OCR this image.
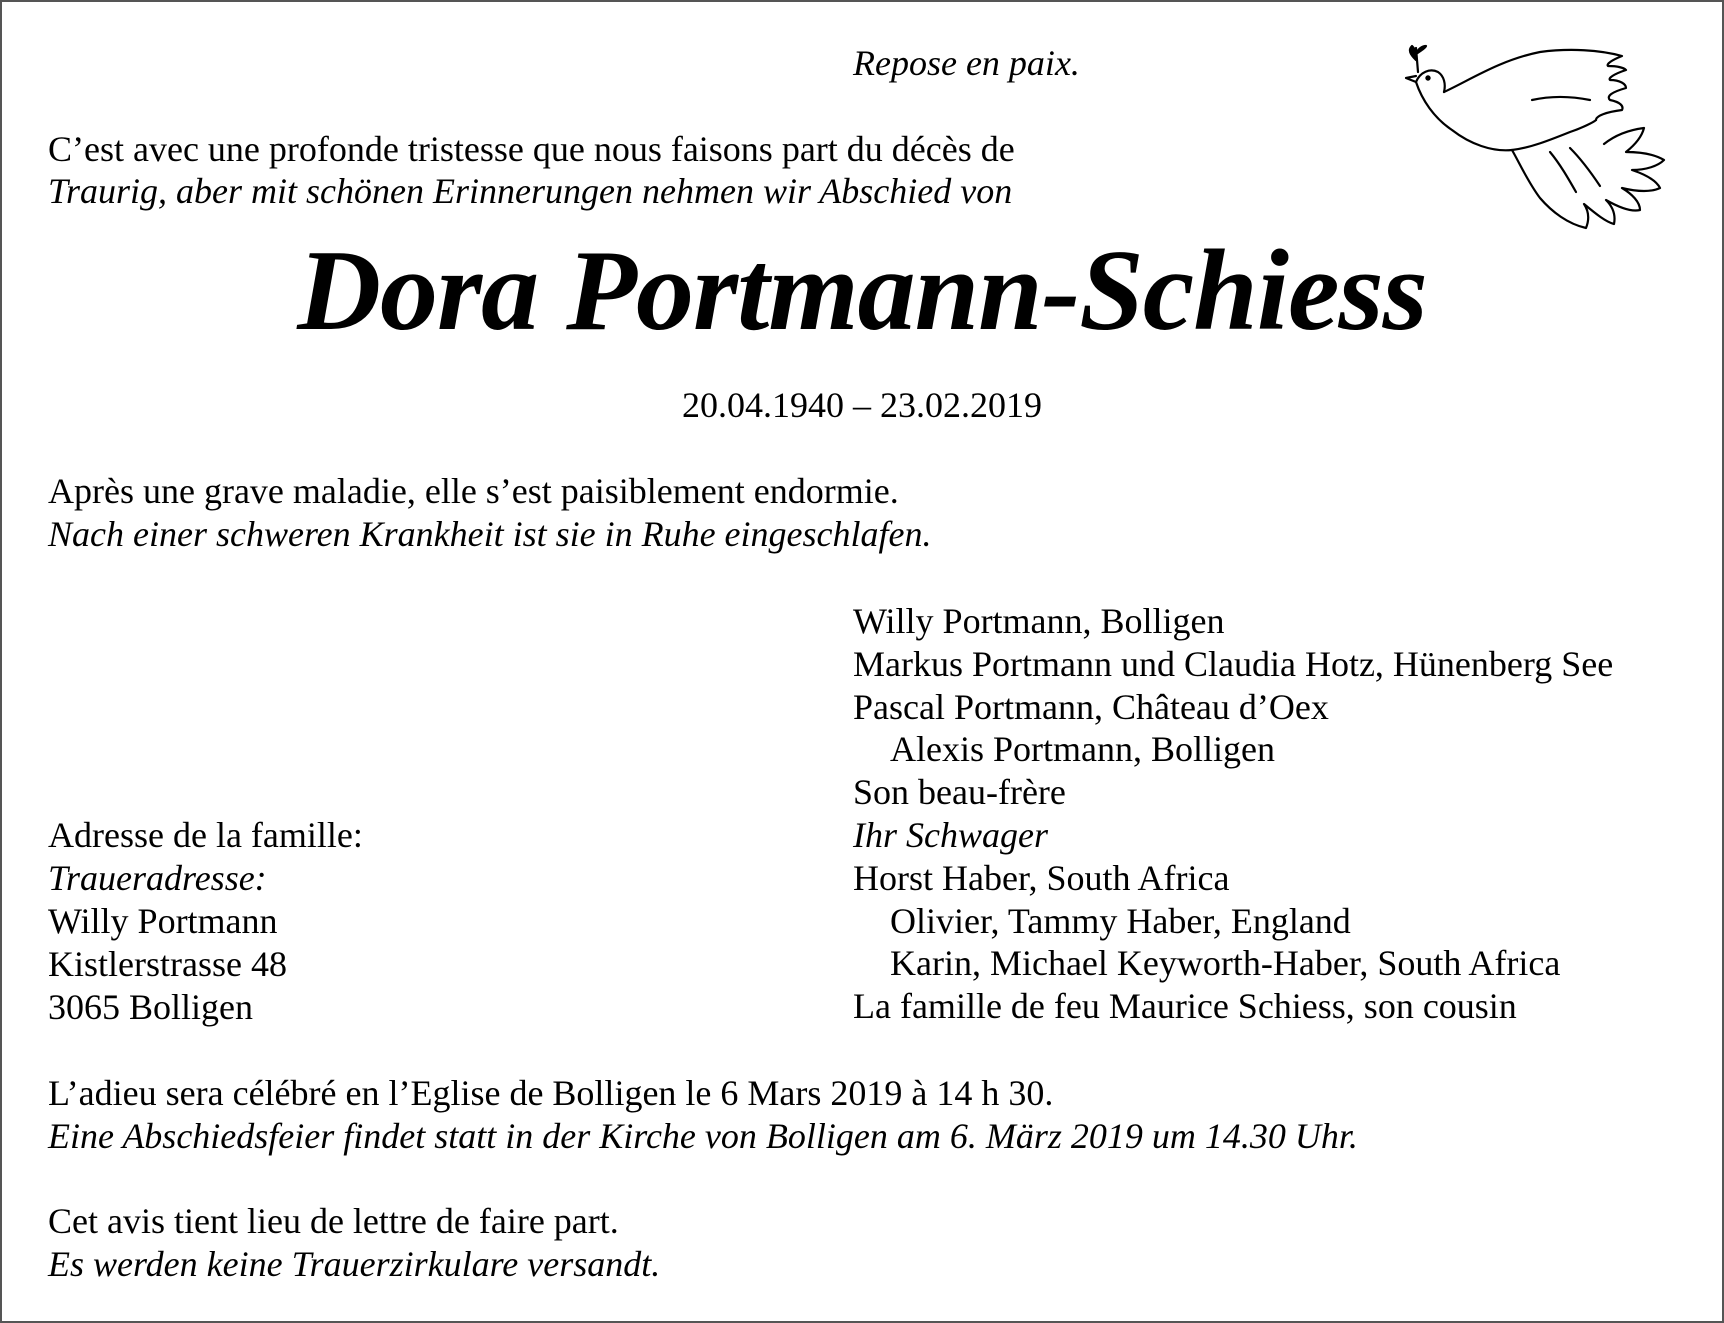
Repose en paix.
C’est avec une profonde tristesse que nous faisons part du décès de
Traurig, aber mit schönen Erinnerungen nehmen wir Abschied von
Dora Portmann-Schiess
20.04.1940 – 23.02.2019
Après une grave maladie, elle s’est paisiblement endormie.
Nach einer schweren Krankheit ist sie in Ruhe eingeschlafen.
Willy Portmann, Bolligen
Markus Portmann und Claudia Hotz, Hünenberg See
Pascal Portmann, Château d’Oex
Alexis Portmann, Bolligen
Son beau-frère
Ihr Schwager
Horst Haber, South Africa
Olivier, Tammy Haber, England
Karin, Michael Keyworth-Haber, South Africa
La famille de feu Maurice Schiess, son cousin
Adresse de la famille:
Traueradresse:
Willy Portmann
Kistlerstrasse 48
3065 Bolligen
L’adieu sera célébré en l’Eglise de Bolligen le 6 Mars 2019 à 14 h 30.
Eine Abschiedsfeier findet statt in der Kirche von Bolligen am 6. März 2019 um 14.30 Uhr.
Cet avis tient lieu de lettre de faire part.
Es werden keine Trauerzirkulare versandt.
